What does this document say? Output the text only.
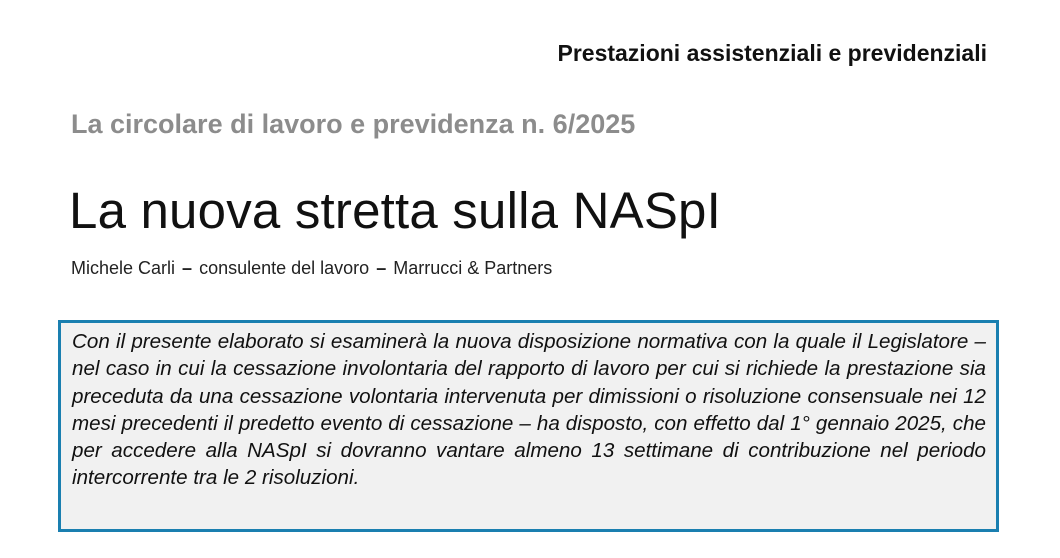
Prestazioni assistenziali e previdenziali
La circolare di lavoro e previdenza n. 6/2025
La nuova stretta sulla NASpI
Michele Carli – consulente del lavoro – Marrucci & Partners

Con il presente elaborato si esaminerà la nuova disposizione normativa con la quale il Legislatore – nel caso in cui la cessazione involontaria del rapporto di lavoro per cui si richiede la prestazione sia preceduta da una cessazione volontaria intervenuta per dimissioni o risoluzione consensuale nei 12 mesi precedenti il predetto evento di cessazione – ha disposto, con effetto dal 1° gennaio 2025, che per accedere alla NASpI si dovranno vantare almeno 13 settimane di contribuzione nel periodo intercorrente tra le 2 risoluzioni.
